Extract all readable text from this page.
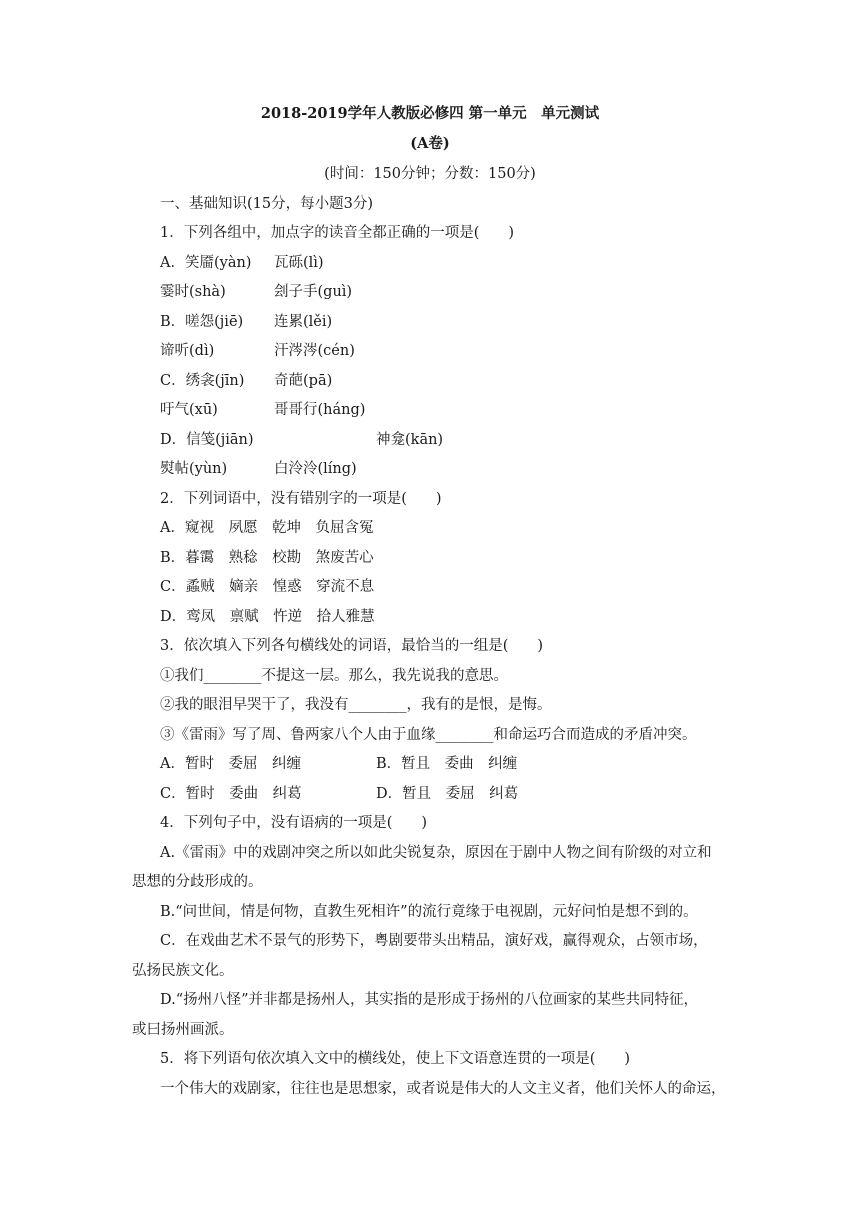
2018-2019学年人教版必修四 第一单元　单元测试
(A卷)
(时间：150分钟；分数：150分)
一、基础知识(15分，每小题3分)
1．下列各组中，加点字的读音全都正确的一项是(　　)
A．笑靥(yàn) 瓦砾(lì)
霎时(shà)	刽子手(guì)
B．嗟怨(jiē) 连累(lěi)
谛听(dì)	汗涔涔(cén)
C．绣衾(jīn) 奇葩(pā)
吁气(xū)	哥哥行(háng)
D．信笺(jiān)	神龛(kān)
熨帖(yùn)	白泠泠(líng)
2．下列词语中，没有错别字的一项是(　　)
A．窥视　夙愿　乾坤　负屈含冤
B．暮霭　熟稔　校勘　煞废苦心
C．蟊贼　嫡亲　惶惑　穿流不息
D．鸾凤　禀赋　忤逆　拾人雅慧
3．依次填入下列各句横线处的词语，最恰当的一组是(　　)
①我们________不提这一层。那么，我先说我的意思。
②我的眼泪早哭干了，我没有________，我有的是恨，是悔。
③《雷雨》写了周、鲁两家八个人由于血缘________和命运巧合而造成的矛盾冲突。
A．暂时　委屈　纠缠	B．暂且　委曲　纠缠
C．暂时　委曲　纠葛	D．暂且　委屈　纠葛
4．下列句子中，没有语病的一项是(　　)
A.《雷雨》中的戏剧冲突之所以如此尖锐复杂，原因在于剧中人物之间有阶级的对立和
思想的分歧形成的。
B.“问世间，情是何物，直教生死相许”的流行竟缘于电视剧，元好问怕是想不到的。
C．在戏曲艺术不景气的形势下，粤剧要带头出精品，演好戏，赢得观众，占领市场，
弘扬民族文化。
D.“扬州八怪”并非都是扬州人，其实指的是形成于扬州的八位画家的某些共同特征，
或曰扬州画派。
5．将下列语句依次填入文中的横线处，使上下文语意连贯的一项是(　　)
一个伟大的戏剧家，往往也是思想家，或者说是伟大的人文主义者，他们关怀人的命运，
